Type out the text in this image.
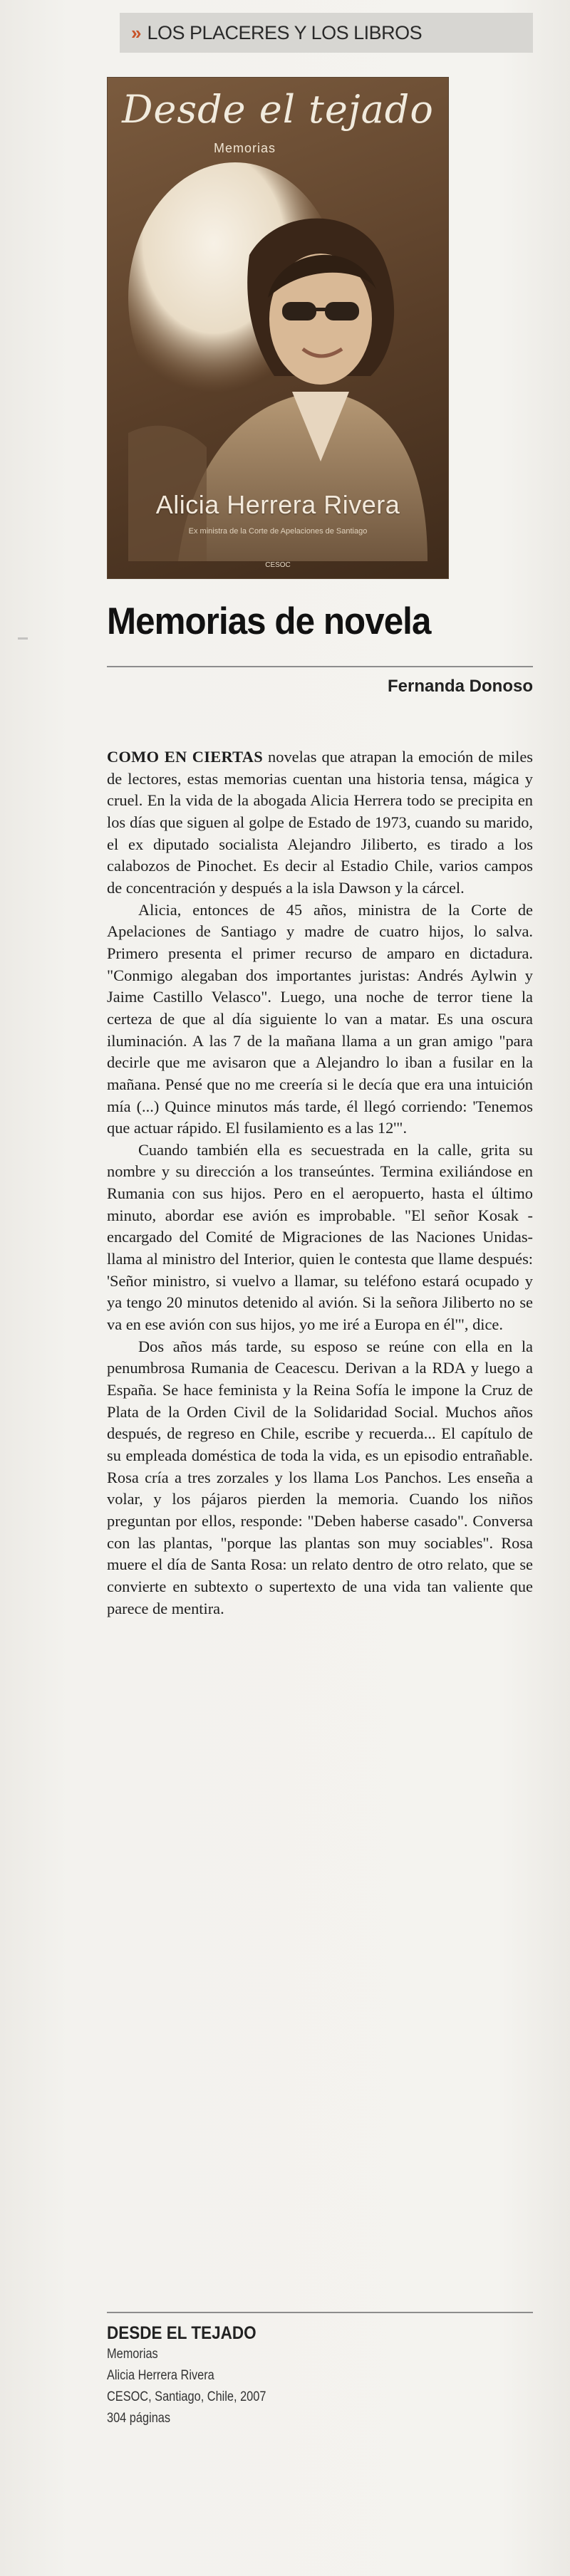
» LOS PLACERES Y LOS LIBROS
Desde el tejado
Memorias
Alicia Herrera Rivera
Ex ministra de la Corte de Apelaciones de Santiago
CESOC
Memorias de novela
Fernanda Donoso

COMO EN CIERTAS novelas que atrapan la emoción de miles de lectores, estas memorias cuentan una historia tensa, mágica y cruel. En la vida de la abogada Alicia Herrera todo se precipita en los días que siguen al golpe de Estado de 1973, cuando su marido, el ex diputado socialista Alejandro Jiliberto, es tirado a los calabozos de Pinochet. Es decir al Estadio Chile, varios campos de concentración y después a la isla Dawson y la cárcel.

Alicia, entonces de 45 años, ministra de la Corte de Apelaciones de Santiago y madre de cuatro hijos, lo salva. Primero presenta el primer recurso de amparo en dictadura. "Conmigo alegaban dos importantes juristas: Andrés Aylwin y Jaime Castillo Velasco". Luego, una noche de terror tiene la certeza de que al día siguiente lo van a matar. Es una oscura iluminación. A las 7 de la mañana llama a un gran amigo "para decirle que me avisaron que a Alejandro lo iban a fusilar en la mañana. Pensé que no me creería si le decía que era una intuición mía (...) Quince minutos más tarde, él llegó corriendo: 'Tenemos que actuar rápido. El fusilamiento es a las 12'".

Cuando también ella es secuestrada en la calle, grita su nombre y su dirección a los transeúntes. Termina exiliándose en Rumania con sus hijos. Pero en el aeropuerto, hasta el último minuto, abordar ese avión es improbable. "El señor Kosak -encargado del Comité de Migraciones de las Naciones Unidas- llama al ministro del Interior, quien le contesta que llame después: 'Señor ministro, si vuelvo a llamar, su teléfono estará ocupado y ya tengo 20 minutos detenido al avión. Si la señora Jiliberto no se va en ese avión con sus hijos, yo me iré a Europa en él'", dice.

Dos años más tarde, su esposo se reúne con ella en la penumbrosa Rumania de Ceacescu. Derivan a la RDA y luego a España. Se hace feminista y la Reina Sofía le impone la Cruz de Plata de la Orden Civil de la Solidaridad Social. Muchos años después, de regreso en Chile, escribe y recuerda... El capítulo de su empleada doméstica de toda la vida, es un episodio entrañable. Rosa cría a tres zorzales y los llama Los Panchos. Les enseña a volar, y los pájaros pierden la memoria. Cuando los niños preguntan por ellos, responde: "Deben haberse casado". Conversa con las plantas, "porque las plantas son muy sociables". Rosa muere el día de Santa Rosa: un relato dentro de otro relato, que se convierte en subtexto o supertexto de una vida tan valiente que parece de mentira.

DESDE EL TEJADO
Memorias
Alicia Herrera Rivera
CESOC, Santiago, Chile, 2007
304 páginas
